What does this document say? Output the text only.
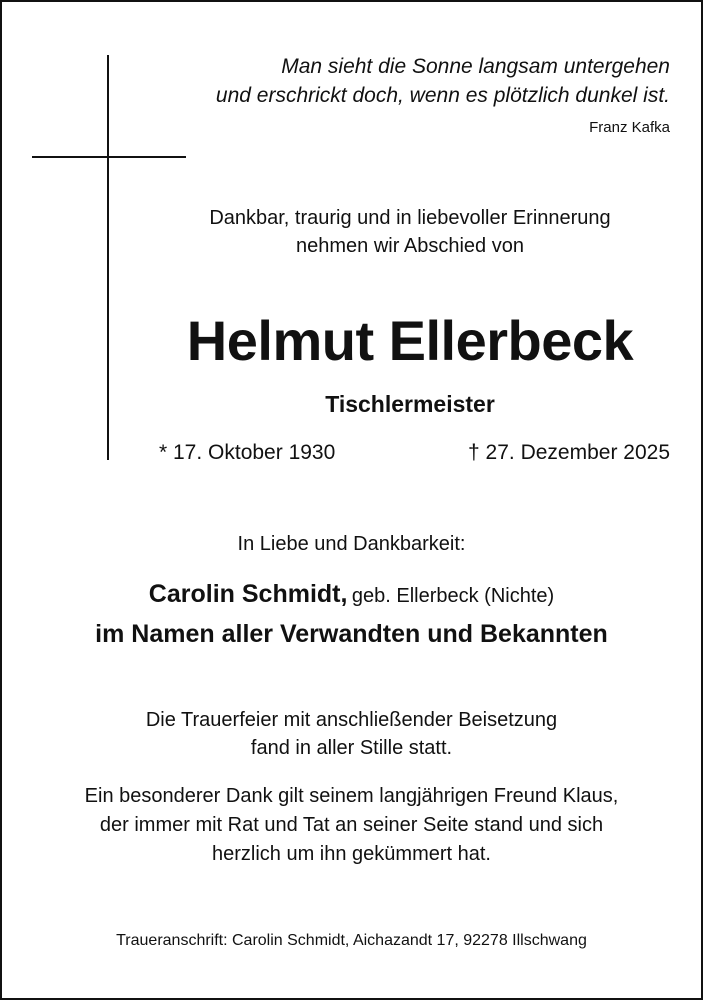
Man sieht die Sonne langsam untergehen
und erschrickt doch, wenn es plötzlich dunkel ist.
Franz Kafka
Dankbar, traurig und in liebevoller Erinnerung
nehmen wir Abschied von
Helmut Ellerbeck
Tischlermeister
* 17. Oktober 1930	† 27. Dezember 2025
In Liebe und Dankbarkeit:
Carolin Schmidt, geb. Ellerbeck (Nichte)
im Namen aller Verwandten und Bekannten
Die Trauerfeier mit anschließender Beisetzung
fand in aller Stille statt.
Ein besonderer Dank gilt seinem langjährigen Freund Klaus,
der immer mit Rat und Tat an seiner Seite stand und sich
herzlich um ihn gekümmert hat.
Traueranschrift: Carolin Schmidt, Aichazandt 17, 92278 Illschwang
